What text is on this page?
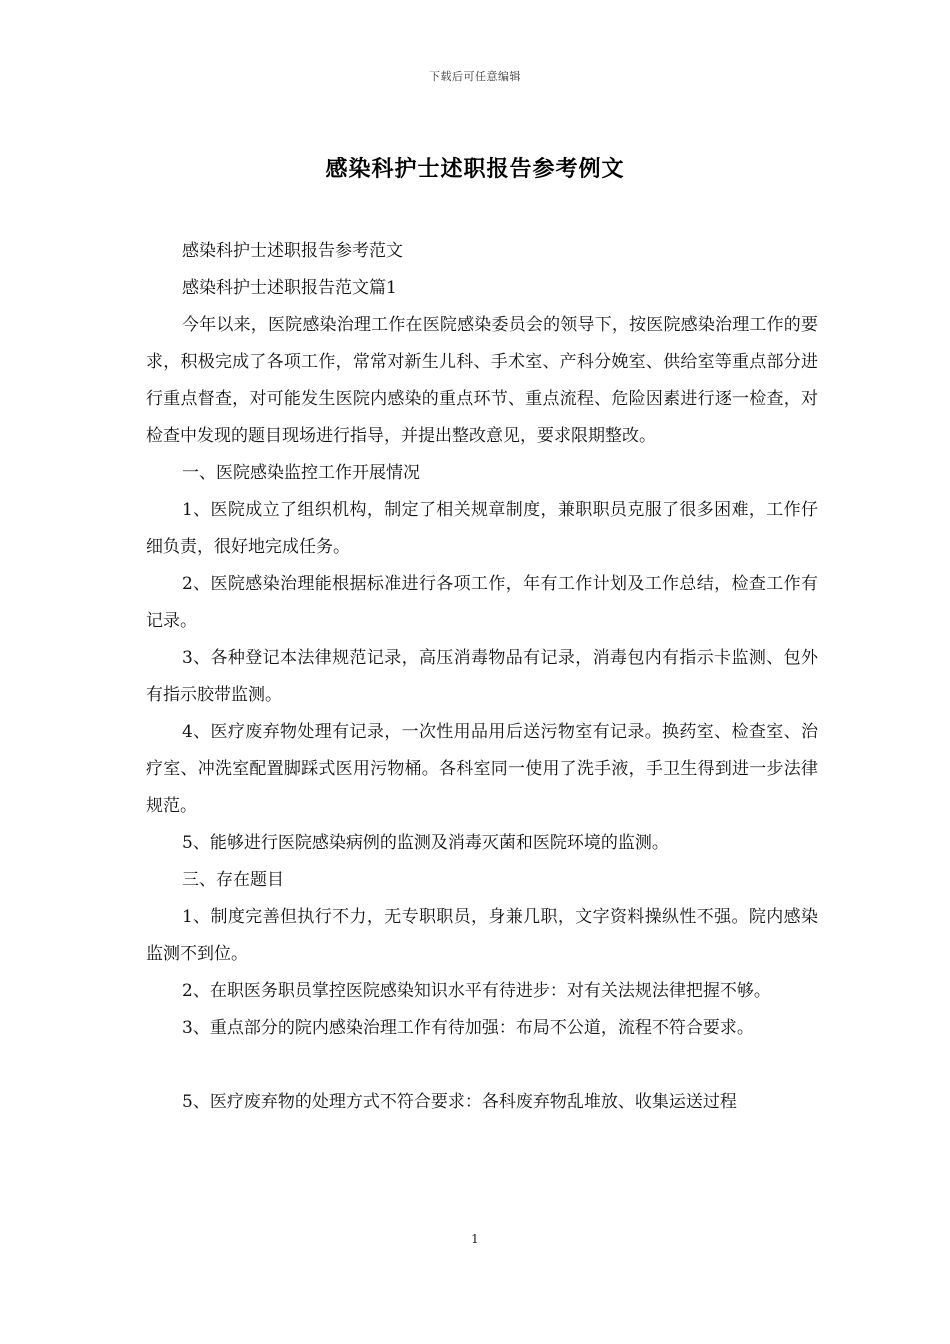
下载后可任意编辑
感染科护士述职报告参考例文

感染科护士述职报告参考范文

感染科护士述职报告范文篇1

今年以来，医院感染治理工作在医院感染委员会的领导下，按医院感染治理工作的要求，积极完成了各项工作，常常对新生儿科、手术室、产科分娩室、供给室等重点部分进行重点督查，对可能发生医院内感染的重点环节、重点流程、危险因素进行逐一检查，对检查中发现的题目现场进行指导，并提出整改意见，要求限期整改。

一、医院感染监控工作开展情况

1、医院成立了组织机构，制定了相关规章制度，兼职职员克服了很多困难，工作仔细负责，很好地完成任务。

2、医院感染治理能根据标准进行各项工作，年有工作计划及工作总结，检查工作有记录。

3、各种登记本法律规范记录，高压消毒物品有记录，消毒包内有指示卡监测、包外有指示胶带监测。

4、医疗废弃物处理有记录，一次性用品用后送污物室有记录。换药室、检查室、治疗室、冲洗室配置脚踩式医用污物桶。各科室同一使用了洗手液，手卫生得到进一步法律规范。

5、能够进行医院感染病例的监测及消毒灭菌和医院环境的监测。

三、存在题目

1、制度完善但执行不力，无专职职员，身兼几职，文字资料操纵性不强。院内感染监测不到位。

2、在职医务职员掌控医院感染知识水平有待进步：对有关法规法律把握不够。

3、重点部分的院内感染治理工作有待加强：布局不公道，流程不符合要求。

5、医疗废弃物的处理方式不符合要求：各科废弃物乱堆放、收集运送过程

1
